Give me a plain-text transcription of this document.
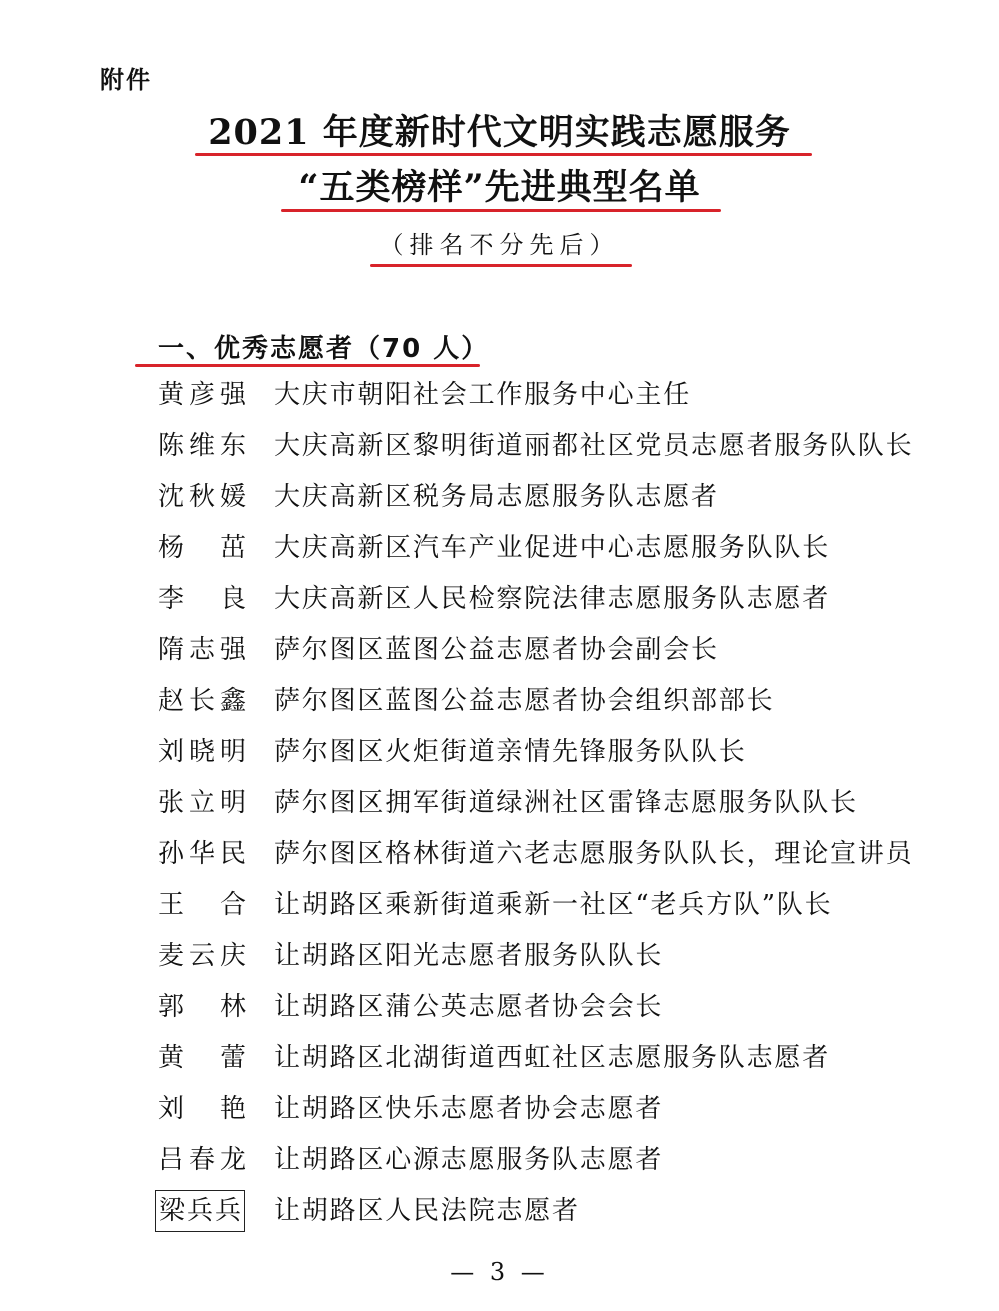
附件
2021 年度新时代文明实践志愿服务
“五类榜样”先进典型名单
（排名不分先后）
一、优秀志愿者（70 人）
黄彦强 大庆市朝阳社会工作服务中心主任
陈维东 大庆高新区黎明街道丽都社区党员志愿者服务队队长
沈秋媛 大庆高新区税务局志愿服务队志愿者
杨 茁 大庆高新区汽车产业促进中心志愿服务队队长
李 良 大庆高新区人民检察院法律志愿服务队志愿者
隋志强 萨尔图区蓝图公益志愿者协会副会长
赵长鑫 萨尔图区蓝图公益志愿者协会组织部部长
刘晓明 萨尔图区火炬街道亲情先锋服务队队长
张立明 萨尔图区拥军街道绿洲社区雷锋志愿服务队队长
孙华民 萨尔图区格林街道六老志愿服务队队长，理论宣讲员
王 合 让胡路区乘新街道乘新一社区“老兵方队”队长
麦云庆 让胡路区阳光志愿者服务队队长
郭 林 让胡路区蒲公英志愿者协会会长
黄 蕾 让胡路区北湖街道西虹社区志愿服务队志愿者
刘 艳 让胡路区快乐志愿者协会志愿者
吕春龙 让胡路区心源志愿服务队志愿者
梁兵兵 让胡路区人民法院志愿者
— 3 —
